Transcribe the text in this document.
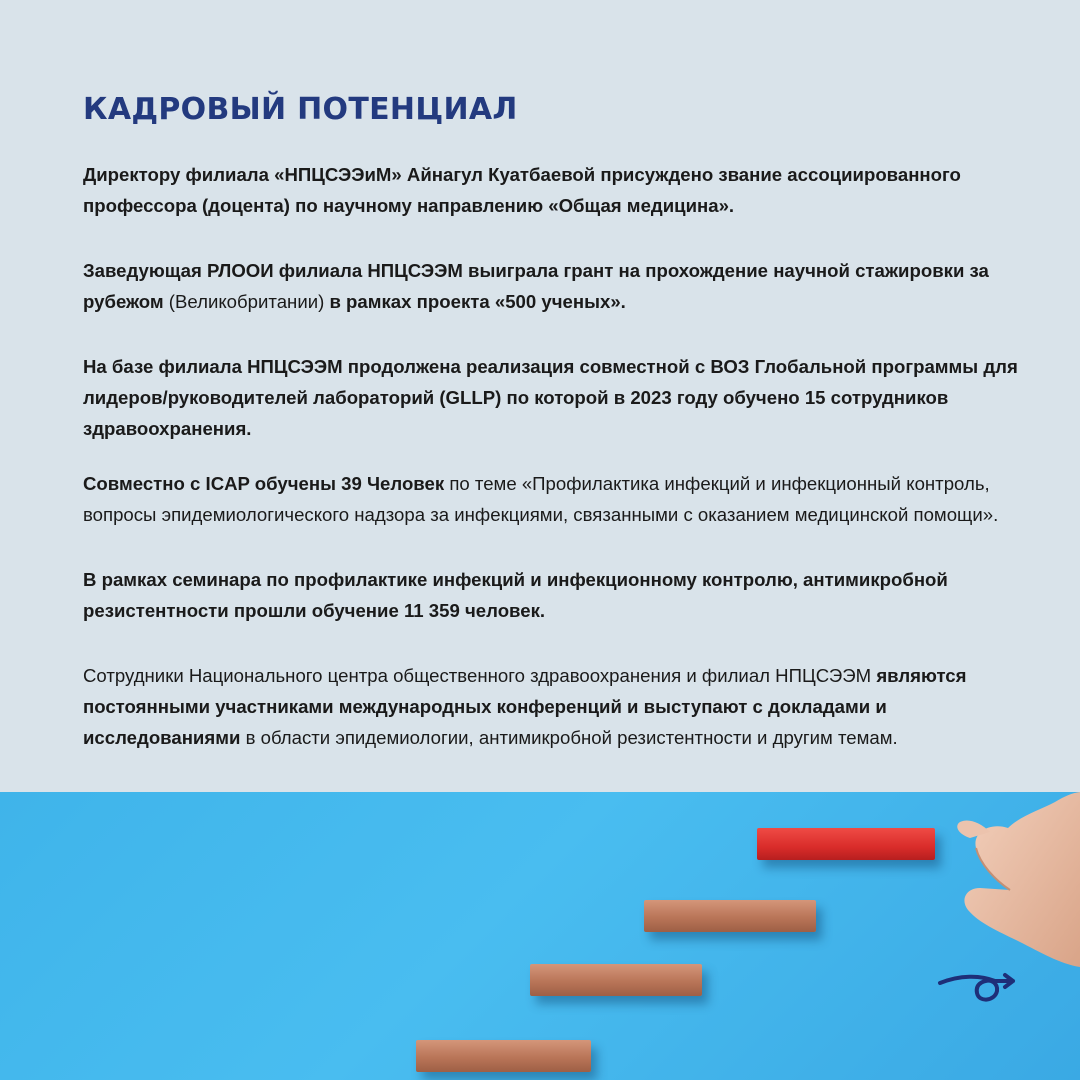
КАДРОВЫЙ ПОТЕНЦИАЛ

Директору филиала «НПЦСЭЭиМ» Айнагул Куатбаевой присуждено звание ассоциированного профессора (доцента) по научному направлению «Общая медицина».

Заведующая РЛООИ филиала НПЦСЭЭМ выиграла грант на прохождение научной стажировки за рубежом (Великобритании) в рамках проекта «500 ученых».

На базе филиала НПЦСЭЭМ продолжена реализация совместной с ВОЗ Глобальной программы для лидеров/руководителей лабораторий (GLLP) по которой в 2023 году обучено 15 сотрудников здравоохранения.

Совместно с ICAP обучены 39 Человек по теме «Профилактика инфекций и инфекционный контроль, вопросы эпидемиологического надзора за инфекциями, связанными с оказанием медицинской помощи».

В рамках семинара по профилактике инфекций и инфекционному контролю, антимикробной резистентности прошли обучение 11 359 человек.

Сотрудники Национального центра общественного здравоохранения и филиал НПЦСЭЭМ являются постоянными участниками международных конференций и выступают с докладами и исследованиями в области эпидемиологии, антимикробной резистентности и другим темам.
